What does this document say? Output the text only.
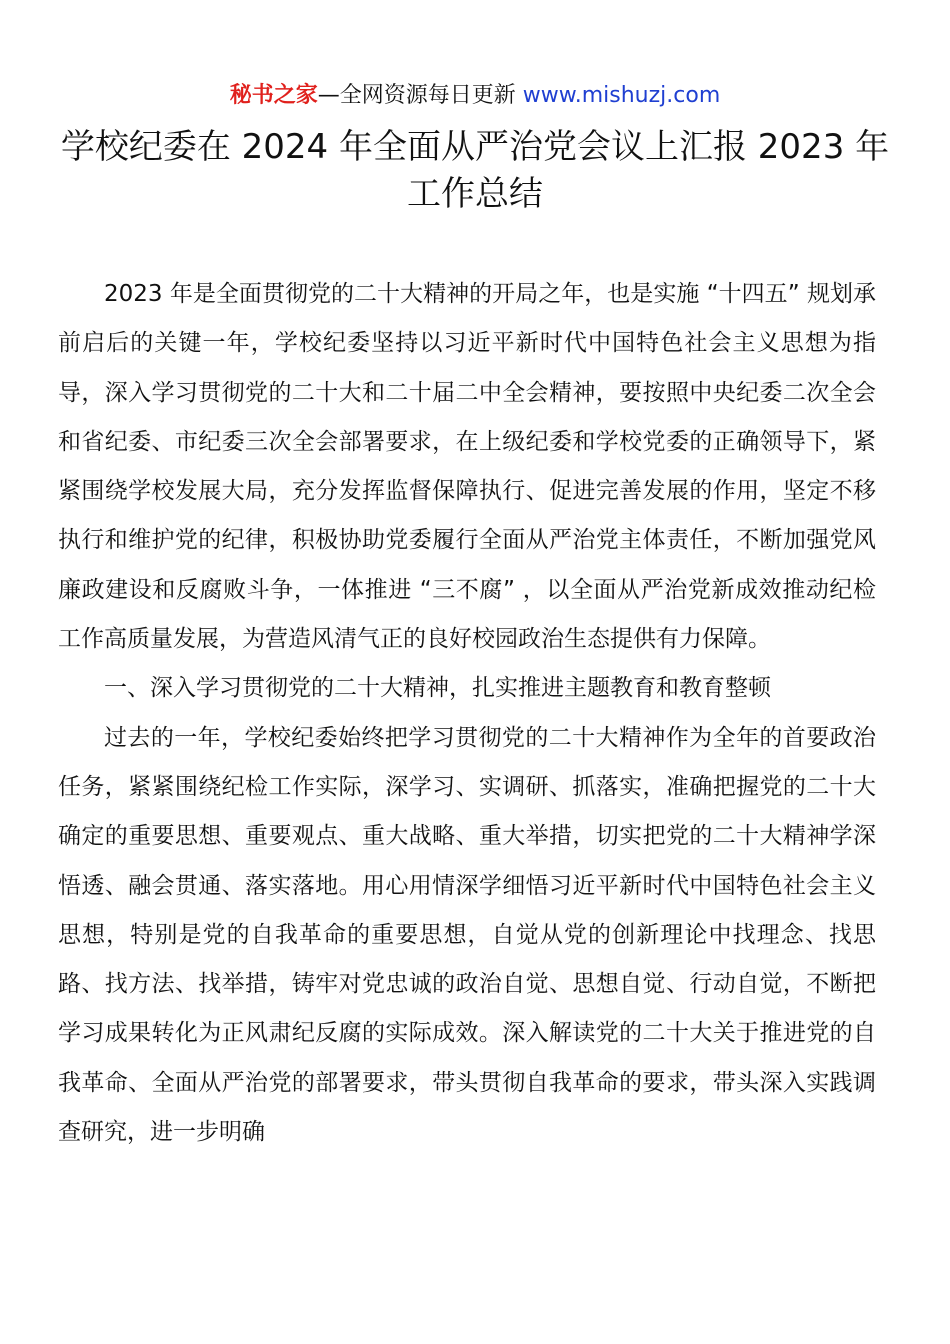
秘书之家—全网资源每日更新 www.mishuzj.com
学校纪委在 2024 年全面从严治党会议上汇报 2023 年
工作总结

2023 年是全面贯彻党的二十大精神的开局之年，也是实施 “十四五” 规划承前启后的关键一年，学校纪委坚持以习近平新时代中国特色社会主义思想为指导，深入学习贯彻党的二十大和二十届二中全会精神，要按照中央纪委二次全会和省纪委、市纪委三次全会部署要求，在上级纪委和学校党委的正确领导下，紧紧围绕学校发展大局，充分发挥监督保障执行、促进完善发展的作用，坚定不移执行和维护党的纪律，积极协助党委履行全面从严治党主体责任，不断加强党风廉政建设和反腐败斗争，一体推进 “三不腐” ，以全面从严治党新成效推动纪检工作高质量发展，为营造风清气正的良好校园政治生态提供有力保障。

一、深入学习贯彻党的二十大精神，扎实推进主题教育和教育整顿

过去的一年，学校纪委始终把学习贯彻党的二十大精神作为全年的首要政治任务，紧紧围绕纪检工作实际，深学习、实调研、抓落实，准确把握党的二十大确定的重要思想、重要观点、重大战略、重大举措，切实把党的二十大精神学深悟透、融会贯通、落实落地。用心用情深学细悟习近平新时代中国特色社会主义思想，特别是党的自我革命的重要思想，自觉从党的创新理论中找理念、找思路、找方法、找举措，铸牢对党忠诚的政治自觉、思想自觉、行动自觉，不断把学习成果转化为正风肃纪反腐的实际成效。深入解读党的二十大关于推进党的自我革命、全面从严治党的部署要求，带头贯彻自我革命的要求，带头深入实践调查研究，进一步明确
